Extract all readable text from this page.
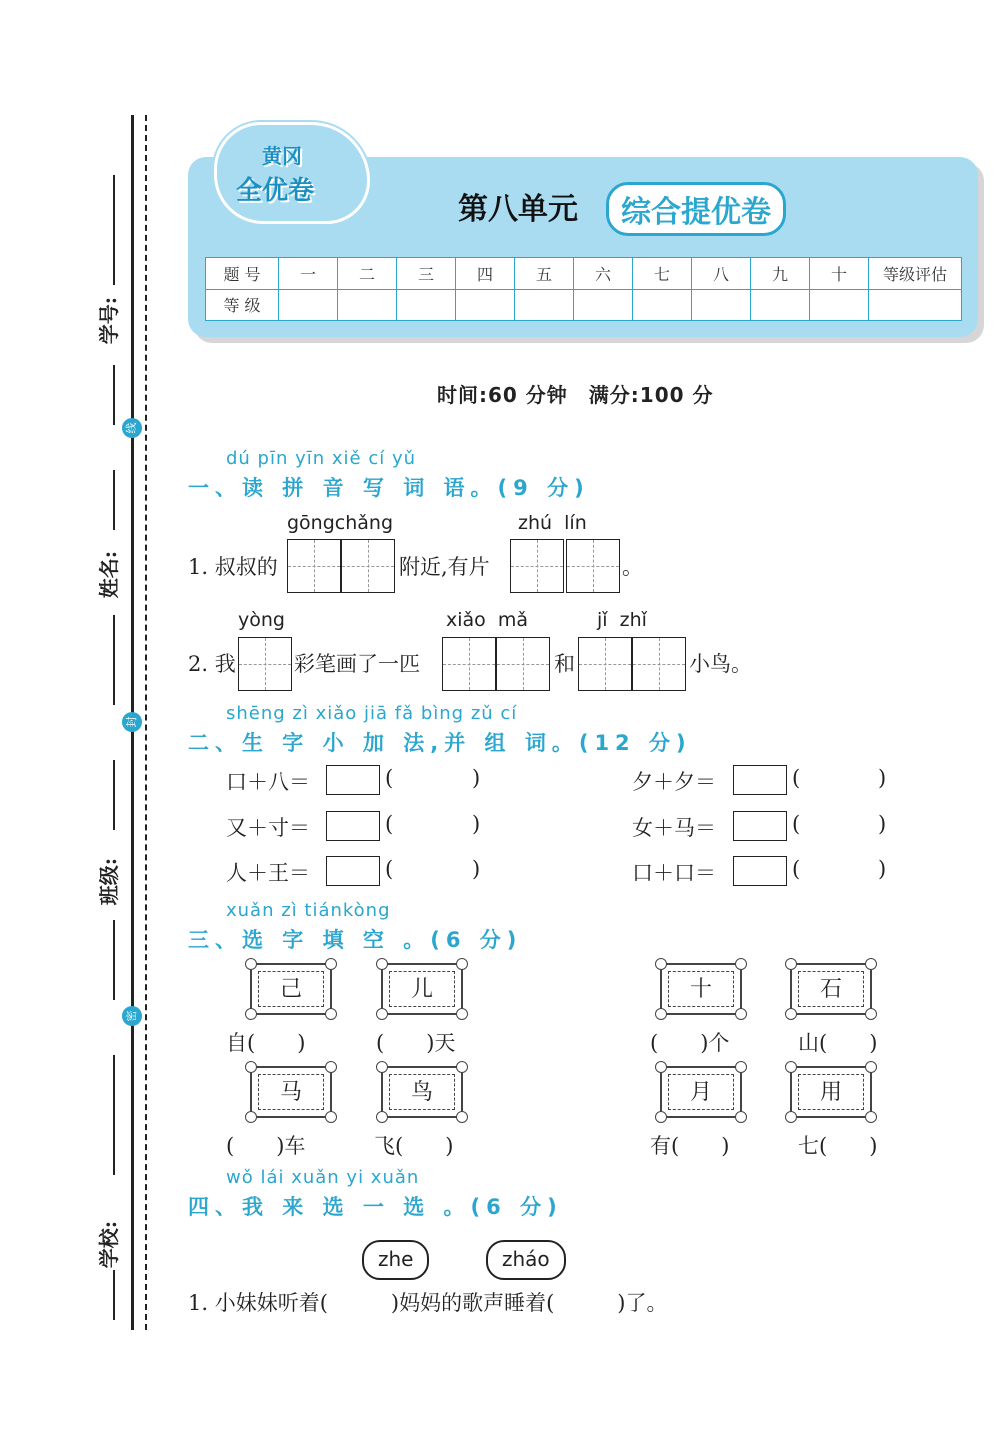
学号:
线
姓名:
封
班级:
密
学校:
黄冈
全优卷
第八单元	综合提优卷
题 号	一	二	三	四	五	六	七	八	九	十	等级评估
等 级											
时间:60 分钟　满分:100 分
dú pīn yīn xiě cí yǔ
一、读 拼 音 写 词 语。(9 分)
gōngchǎng	zhú  lín
1. 叔叔的	附近,有片	。
yòng	xiǎo  mǎ	jǐ  zhǐ
2. 我	彩笔画了一匹	和	小鸟。
shēng zì xiǎo jiā fǎ bìng zǔ cí
二、生 字 小 加 法,并 组 词。(12 分)
口＋八＝	(	)	夕＋夕＝	(	)
又＋寸＝	(	)	女＋马＝	(	)
人＋王＝	(	)	口＋口＝	(	)
xuǎn zì tiánkòng
三、选 字 填 空 。(6 分)
己	儿	十	石
自(　　)	(　　)天	(　　)个	山(　　)
马	鸟	月	用
(　　)车	飞(　　)	有(　　)	七(　　)
wǒ lái xuǎn yi xuǎn
四、我 来 选 一 选 。(6 分)
zhe	zháo
1. 小妹妹听着(　　　)妈妈的歌声睡着(　　　)了。
